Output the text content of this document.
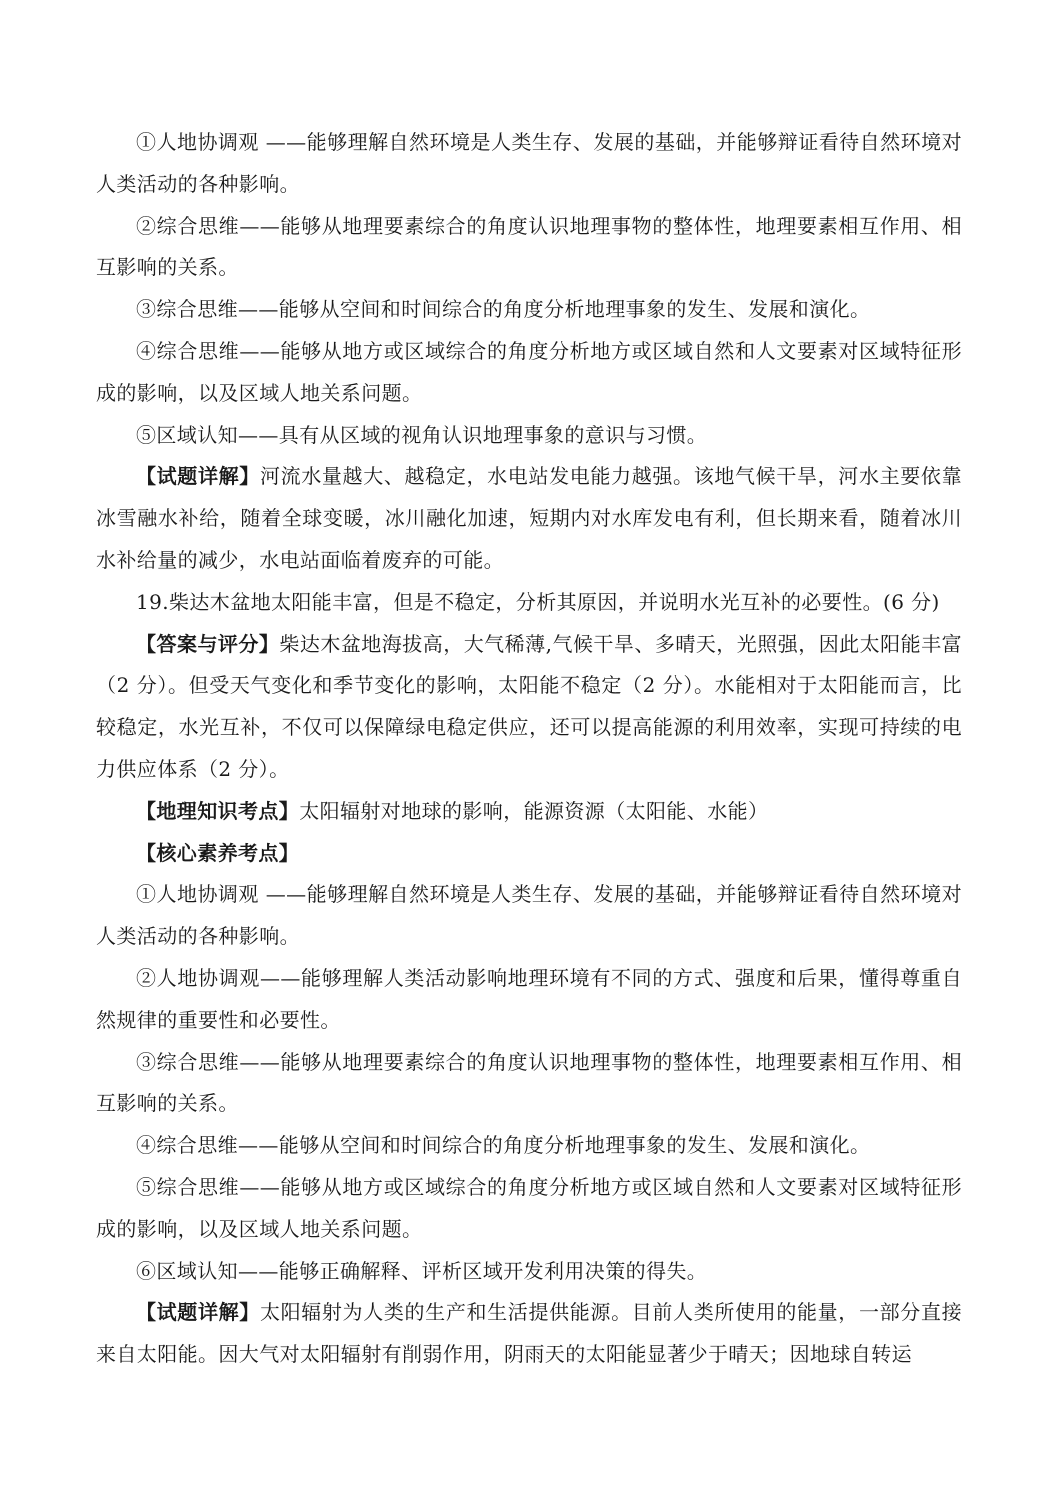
①人地协调观 ——能够理解自然环境是人类生存、发展的基础，并能够辩证看待自然环境对人类活动的各种影响。

②综合思维——能够从地理要素综合的角度认识地理事物的整体性，地理要素相互作用、相互影响的关系。

③综合思维——能够从空间和时间综合的角度分析地理事象的发生、发展和演化。

④综合思维——能够从地方或区域综合的角度分析地方或区域自然和人文要素对区域特征形成的影响，以及区域人地关系问题。

⑤区域认知——具有从区域的视角认识地理事象的意识与习惯。

【试题详解】河流水量越大、越稳定，水电站发电能力越强。该地气候干旱，河水主要依靠冰雪融水补给，随着全球变暖，冰川融化加速，短期内对水库发电有利，但长期来看，随着冰川水补给量的减少，水电站面临着废弃的可能。

19.柴达木盆地太阳能丰富，但是不稳定，分析其原因，并说明水光互补的必要性。(6 分)

【答案与评分】柴达木盆地海拔高，大气稀薄,气候干旱、多晴天，光照强，因此太阳能丰富（2 分）。但受天气变化和季节变化的影响，太阳能不稳定（2 分）。水能相对于太阳能而言，比较稳定，水光互补，不仅可以保障绿电稳定供应，还可以提高能源的利用效率，实现可持续的电力供应体系（2 分）。

【地理知识考点】太阳辐射对地球的影响，能源资源（太阳能、水能）

【核心素养考点】

①人地协调观 ——能够理解自然环境是人类生存、发展的基础，并能够辩证看待自然环境对人类活动的各种影响。

②人地协调观——能够理解人类活动影响地理环境有不同的方式、强度和后果，懂得尊重自然规律的重要性和必要性。

③综合思维——能够从地理要素综合的角度认识地理事物的整体性，地理要素相互作用、相互影响的关系。

④综合思维——能够从空间和时间综合的角度分析地理事象的发生、发展和演化。

⑤综合思维——能够从地方或区域综合的角度分析地方或区域自然和人文要素对区域特征形成的影响，以及区域人地关系问题。

⑥区域认知——能够正确解释、评析区域开发利用决策的得失。

【试题详解】太阳辐射为人类的生产和生活提供能源。目前人类所使用的能量，一部分直接来自太阳能。因大气对太阳辐射有削弱作用，阴雨天的太阳能显著少于晴天；因地球自转运
